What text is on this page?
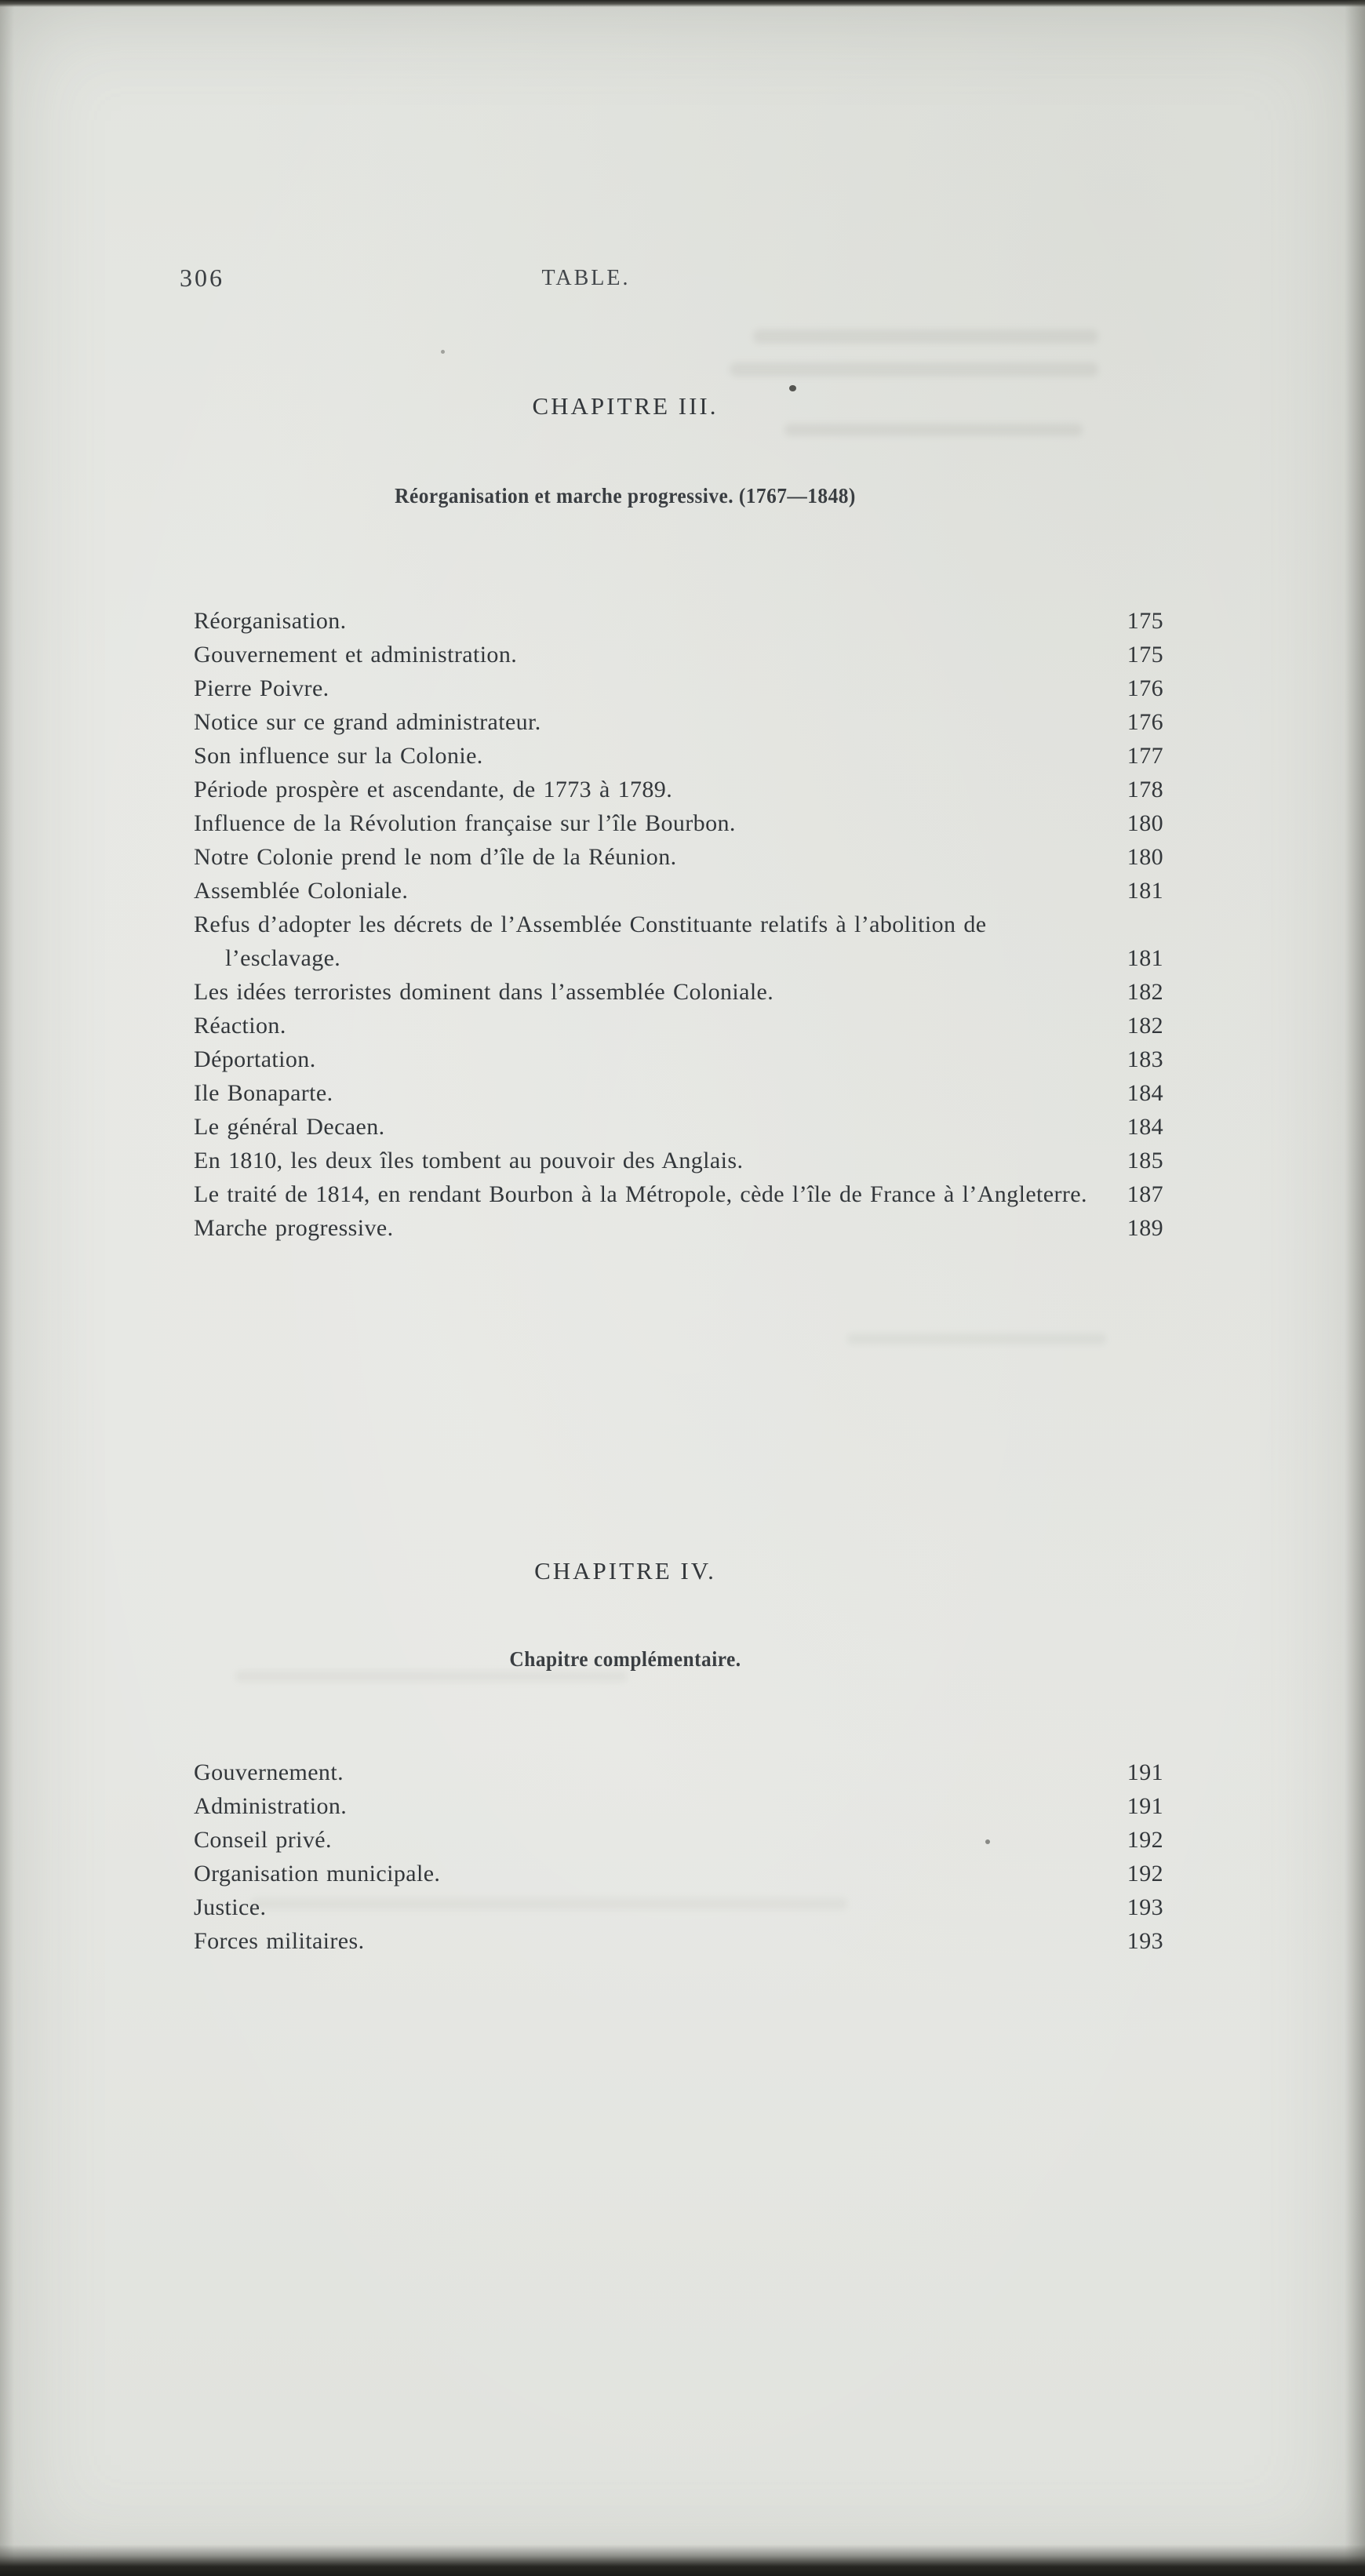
306	TABLE.
CHAPITRE III.
Réorganisation et marche progressive. (1767—1848)
Réorganisation.	175
Gouvernement et administration.	175
Pierre Poivre.	176
Notice sur ce grand administrateur.	176
Son influence sur la Colonie.	177
Période prospère et ascendante, de 1773 à 1789.	178
Influence de la Révolution française sur l’île Bourbon.	180
Notre Colonie prend le nom d’île de la Réunion.	180
Assemblée Coloniale.	181
Refus d’adopter les décrets de l’Assemblée Constituante relatifs à l’abolition de l’esclavage.	181
Les idées terroristes dominent dans l’assemblée Coloniale.	182
Réaction.	182
Déportation.	183
Ile Bonaparte.	184
Le général Decaen.	184
En 1810, les deux îles tombent au pouvoir des Anglais.	185
Le traité de 1814, en rendant Bourbon à la Métropole, cède l’île de France à l’Angleterre.	187
Marche progressive.	189
CHAPITRE IV.
Chapitre complémentaire.
Gouvernement.	191
Administration.	191
Conseil privé.	192
Organisation municipale.	192
Justice.	193
Forces militaires.	193
